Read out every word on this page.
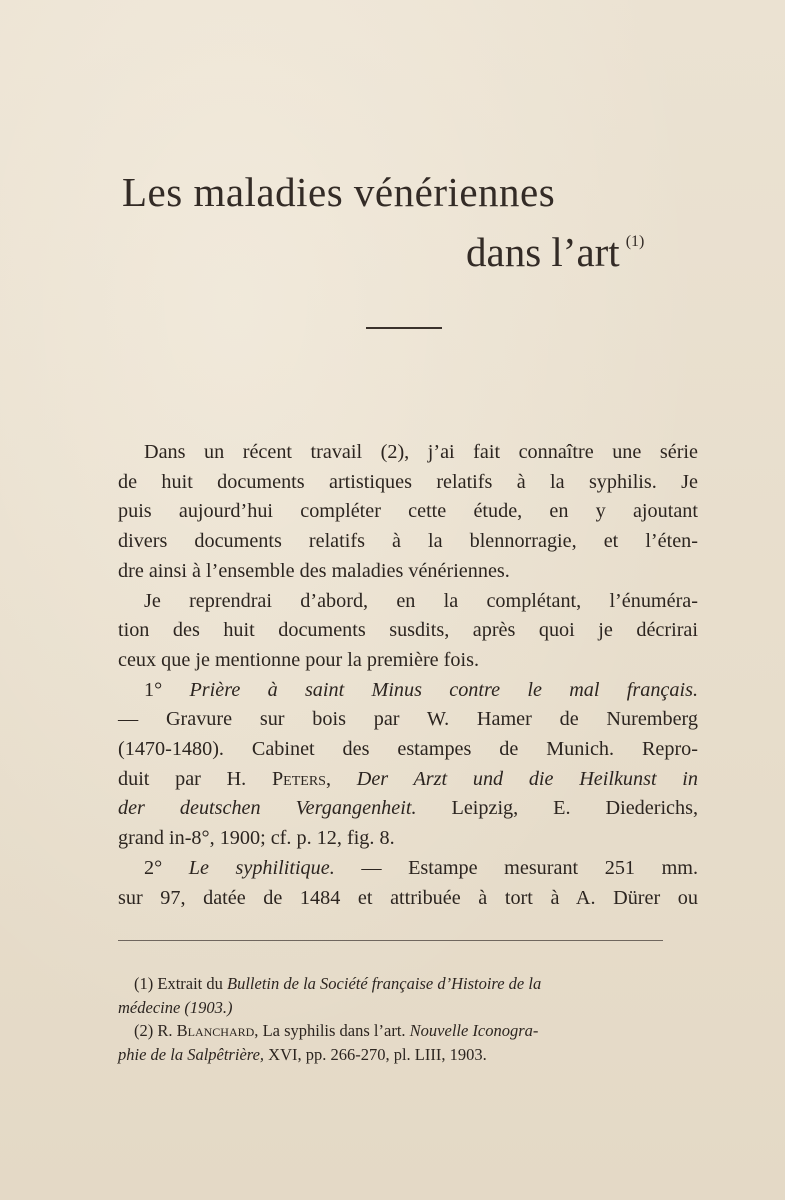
Les maladies vénériennes
dans l’art $^{(1)}$

Dans un récent travail (2), j’ai fait connaître une série

de huit documents artistiques relatifs à la syphilis. Je

puis aujourd’hui compléter cette étude, en y ajoutant

divers documents relatifs à la blennorragie, et l’éten-

dre ainsi à l’ensemble des maladies vénériennes.

Je reprendrai d’abord, en la complétant, l’énuméra-

tion des huit documents susdits, après quoi je décrirai

ceux que je mentionne pour la première fois.

1° Prière à saint Minus contre le mal français.

— Gravure sur bois par W. Hamer de Nuremberg

(1470-1480). Cabinet des estampes de Munich. Repro-

duit par H. Peters, Der Arzt und die Heilkunst in

der deutschen Vergangenheit. Leipzig, E. Diederichs,

grand in-8°, 1900; cf. p. 12, fig. 8.

2° Le syphilitique. — Estampe mesurant 251 mm.

sur 97, datée de 1484 et attribuée à tort à A. Dürer ou

(1) Extrait du Bulletin de la Société française d’Histoire de la

médecine (1903.)

(2) R. Blanchard, La syphilis dans l’art. Nouvelle Iconogra-

phie de la Salpêtrière, XVI, pp. 266-270, pl. LIII, 1903.
